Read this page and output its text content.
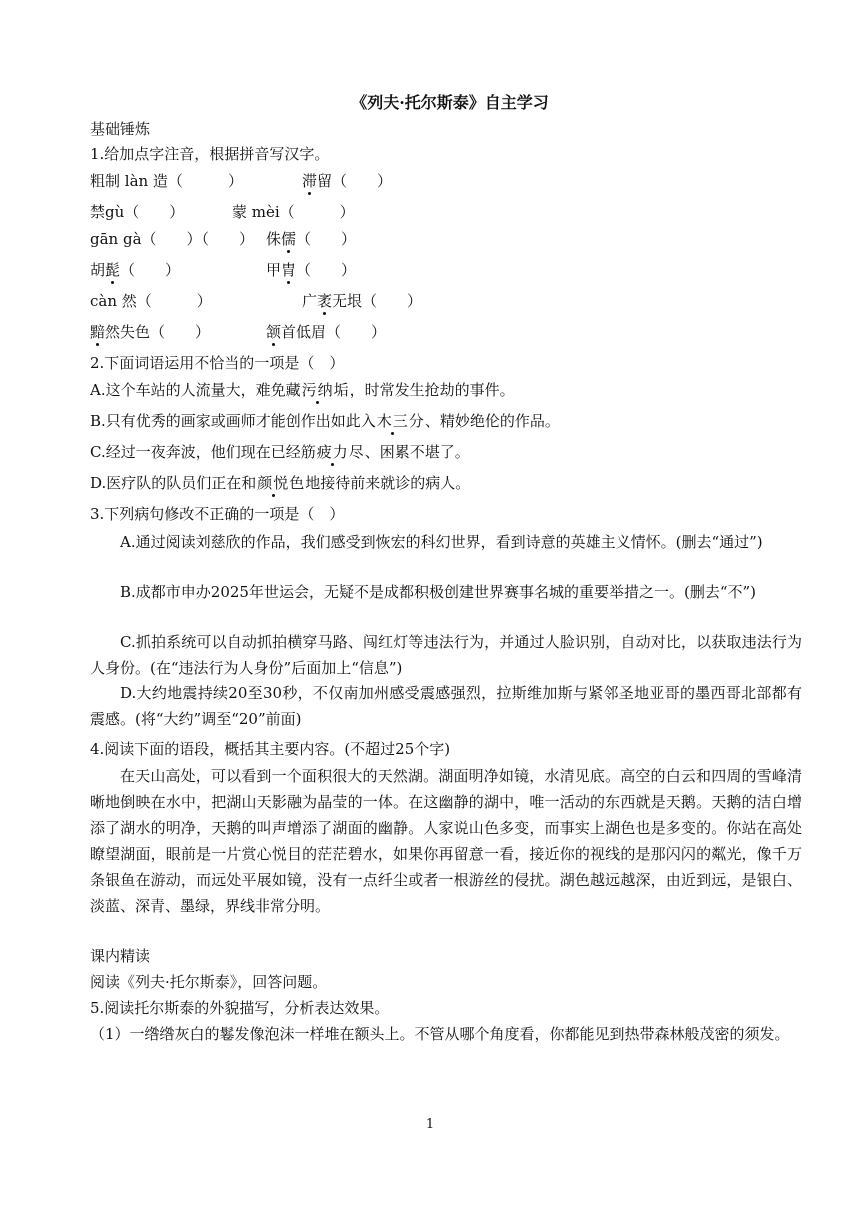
《列夫·托尔斯泰》自主学习
基础锤炼
1.给加点字注音，根据拼音写汉字。
粗制 làn 造（　　　）	滞留（　　）
禁gù（　　）	蒙 mèi（　　　）
gān gà（　　）（　　） 侏儒（　　）
胡髭（　　）	甲胄（　　）
càn 然（　　　）	广袤无垠（　　）
黯然失色（　　）	颔首低眉（　　）
2.下面词语运用不恰当的一项是（　）
A.这个车站的人流量大，难免藏污纳垢，时常发生抢劫的事件。
B.只有优秀的画家或画师才能创作出如此入木三分、精妙绝伦的作品。
C.经过一夜奔波，他们现在已经筋疲力尽、困累不堪了。
D.医疗队的队员们正在和颜悦色地接待前来就诊的病人。
3.下列病句修改不正确的一项是（　）
A.通过阅读刘慈欣的作品，我们感受到恢宏的科幻世界，看到诗意的英雄主义情怀。(删去“通过”)
B.成都市申办2025年世运会，无疑不是成都积极创建世界赛事名城的重要举措之一。(删去“不”)
C.抓拍系统可以自动抓拍横穿马路、闯红灯等违法行为，并通过人脸识别，自动对比，以获取违法行为人身份。(在“违法行为人身份”后面加上“信息”)
D.大约地震持续20至30秒，不仅南加州感受震感强烈，拉斯维加斯与紧邻圣地亚哥的墨西哥北部都有震感。(将“大约”调至“20”前面)
4.阅读下面的语段，概括其主要内容。(不超过25个字)
在天山高处，可以看到一个面积很大的天然湖。湖面明净如镜，水清见底。高空的白云和四周的雪峰清晰地倒映在水中，把湖山天影融为晶莹的一体。在这幽静的湖中，唯一活动的东西就是天鹅。天鹅的洁白增添了湖水的明净，天鹅的叫声增添了湖面的幽静。人家说山色多变，而事实上湖色也是多变的。你站在高处瞭望湖面，眼前是一片赏心悦目的茫茫碧水，如果你再留意一看，接近你的视线的是那闪闪的粼光，像千万条银鱼在游动，而远处平展如镜，没有一点纤尘或者一根游丝的侵扰。湖色越远越深，由近到远，是银白、淡蓝、深青、墨绿，界线非常分明。
课内精读
阅读《列夫·托尔斯泰》，回答问题。
5.阅读托尔斯泰的外貌描写，分析表达效果。
（1）一绺绺灰白的鬈发像泡沫一样堆在额头上。不管从哪个角度看，你都能见到热带森林般茂密的须发。
1
